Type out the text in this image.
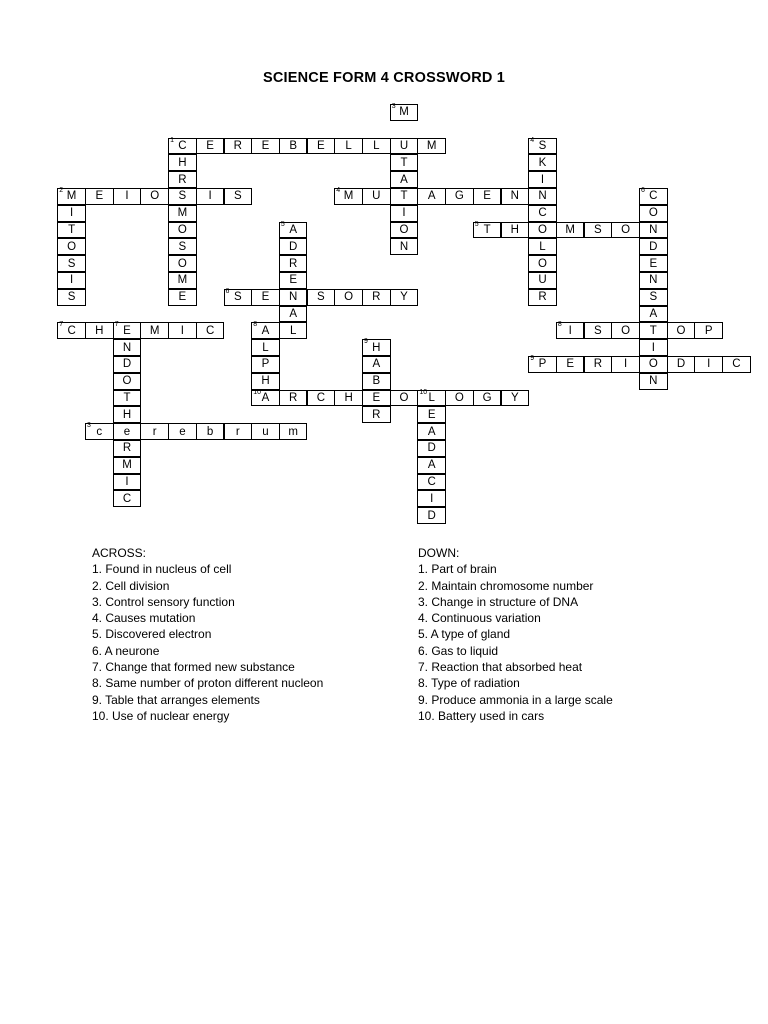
SCIENCE FORM 4 CROSSWORD 1
M
3
C
1	E	R	E	B	E	L	L	U	M	S
4
H	T	K
R	A	I
M
2	E	I	O	S	I	S	M
4	U	T	A	G	E	N	N	C
6
I	M	I	C	O
T	O	A
5	O	T
5	H	O	M	S	O	N
O	S	D	N	L	D
S	O	R	O	E
I	M	E	U	N
S	E	S
6	E	N	S	O	R	Y	R	S
A	A
C
7	H	E
7	M	I	C	A
8	L	I
8	S	O	T	O	P
N	L	H
9	I
D	P	A	P
9	E	R	I	O	D	I	C
O	H	B	N
T	A
10	R	C	H	E	O	L
10	O	G	Y
H	R	E
c
3	e	r	e	b	r	u	m	A
R	D
M	A
I	C
C	I
D
ACROSS:
1. Found in nucleus of cell
2. Cell division
3. Control sensory function
4. Causes mutation
5. Discovered electron
6. A neurone
7. Change that formed new substance
8. Same number of proton different nucleon
9. Table that arranges elements
10. Use of nuclear energy
DOWN:
1. Part of brain
2. Maintain chromosome number
3. Change in structure of DNA
4. Continuous variation
5. A type of gland
6. Gas to liquid
7. Reaction that absorbed heat
8. Type of radiation
9. Produce ammonia in a large scale
10. Battery used in cars
